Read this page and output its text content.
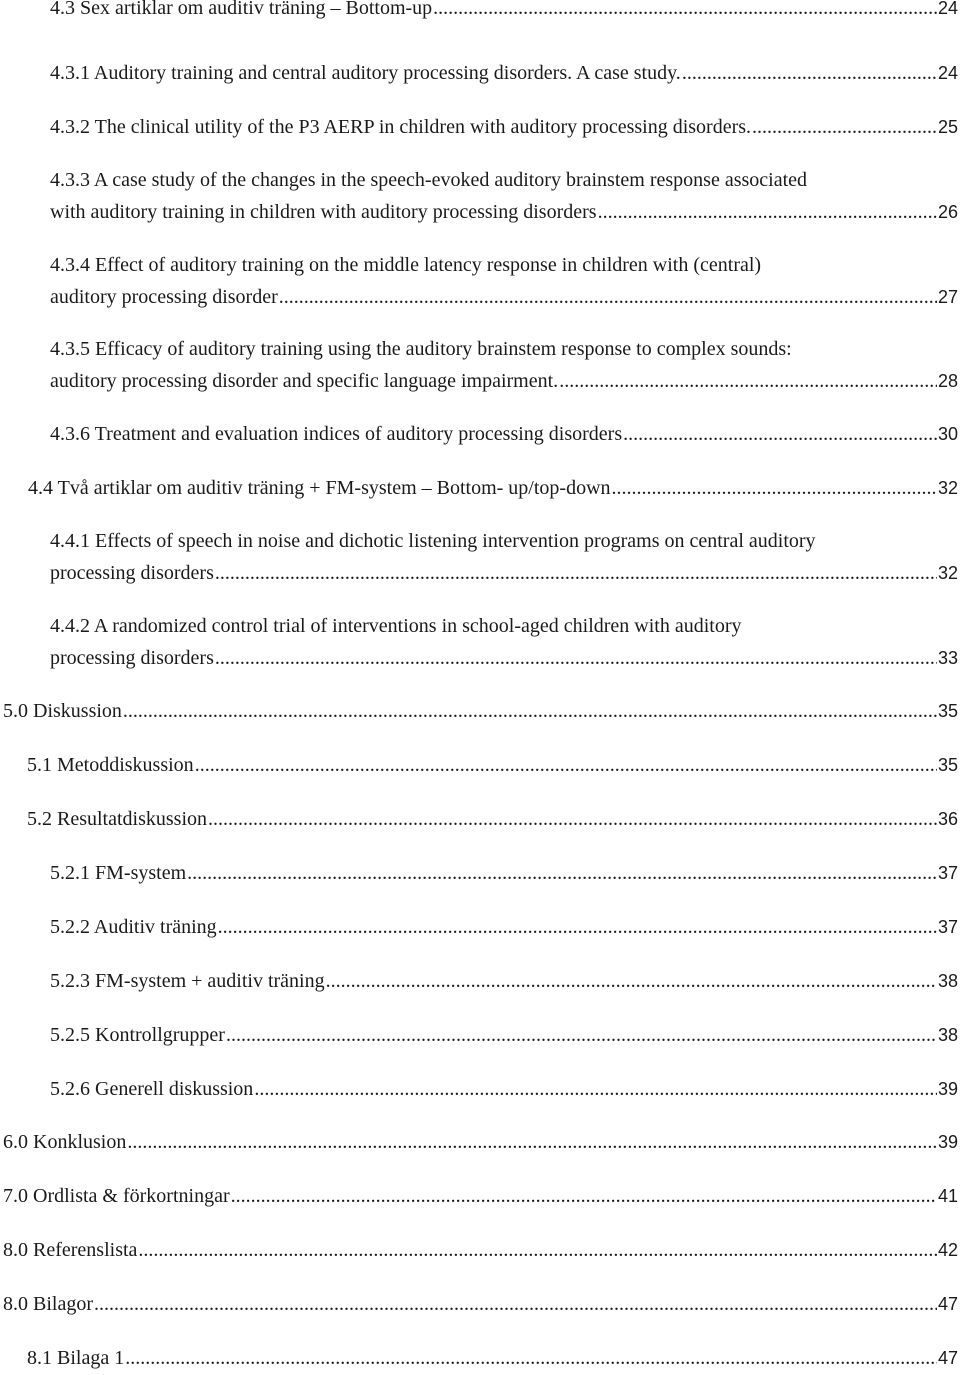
4.3 Sex artiklar om auditiv träning – Bottom-up .....	24
4.3.1 Auditory training and central auditory processing disorders. A case study. .....	24
4.3.2 The clinical utility of the P3 AERP in children with auditory processing disorders. .....	25
4.3.3 A case study of the changes in the speech-evoked auditory brainstem response associated
with auditory training in children with auditory processing disorders .....	26
4.3.4 Effect of auditory training on the middle latency response in children with (central)
auditory processing disorder .....	27
4.3.5 Efficacy of auditory training using the auditory brainstem response to complex sounds:
auditory processing disorder and specific language impairment. .....	28
4.3.6 Treatment and evaluation indices of auditory processing disorders .....	30
4.4 Två artiklar om auditiv träning + FM-system – Bottom- up/top-down .....	32
4.4.1 Effects of speech in noise and dichotic listening intervention programs on central auditory
processing disorders .....	32
4.4.2 A randomized control trial of interventions in school-aged children with auditory
processing disorders .....	33
5.0 Diskussion .....	35
5.1 Metoddiskussion .....	35
5.2 Resultatdiskussion .....	36
5.2.1 FM-system .....	37
5.2.2 Auditiv träning .....	37
5.2.3 FM-system + auditiv träning .....	38
5.2.5 Kontrollgrupper .....	38
5.2.6 Generell diskussion .....	39
6.0 Konklusion .....	39
7.0 Ordlista & förkortningar .....	41
8.0 Referenslista .....	42
8.0 Bilagor .....	47
8.1 Bilaga 1 .....	47
